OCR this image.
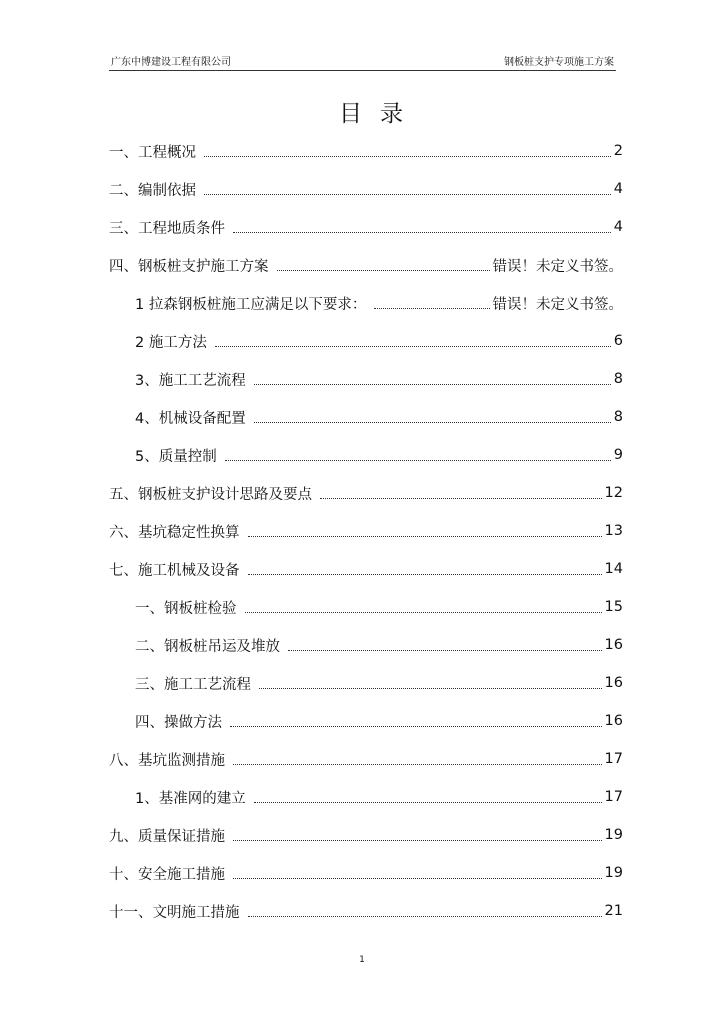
广东中博建设工程有限公司	钢板桩支护专项施工方案
目录
一、工程概况	2
二、编制依据	4
三、工程地质条件	4
四、钢板桩支护施工方案	错误！未定义书签。
1 拉森钢板桩施工应满足以下要求：	错误！未定义书签。
2 施工方法	6
3、施工工艺流程	8
4、机械设备配置	8
5、质量控制	9
五、钢板桩支护设计思路及要点	12
六、基坑稳定性换算	13
七、施工机械及设备	14
一、钢板桩检验	15
二、钢板桩吊运及堆放	16
三、施工工艺流程	16
四、操做方法	16
八、基坑监测措施	17
1、基准网的建立	17
九、质量保证措施	19
十、安全施工措施	19
十一、文明施工措施	21
1
